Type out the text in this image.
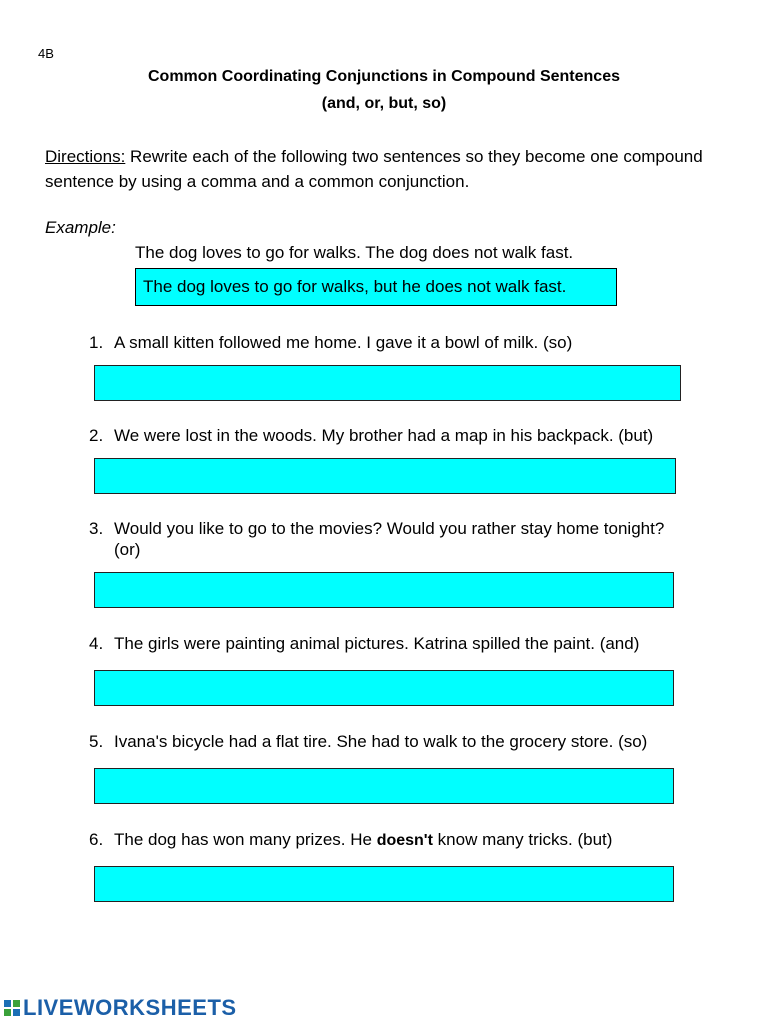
4B
Common Coordinating Conjunctions in Compound Sentences
(and, or, but, so)
Directions: Rewrite each of the following two sentences so they become one compound sentence by using a comma and a common conjunction.
Example:
The dog loves to go for walks. The dog does not walk fast.
The dog loves to go for walks, but he does not walk fast.
1. A small kitten followed me home. I gave it a bowl of milk. (so)
2. We were lost in the woods. My brother had a map in his backpack. (but)
3. Would you like to go to the movies? Would you rather stay home tonight?
(or)
4. The girls were painting animal pictures. Katrina spilled the paint. (and)
5. Ivana's bicycle had a flat tire. She had to walk to the grocery store. (so)
6. The dog has won many prizes. He doesn't know many tricks. (but)
LIVEWORKSHEETS
